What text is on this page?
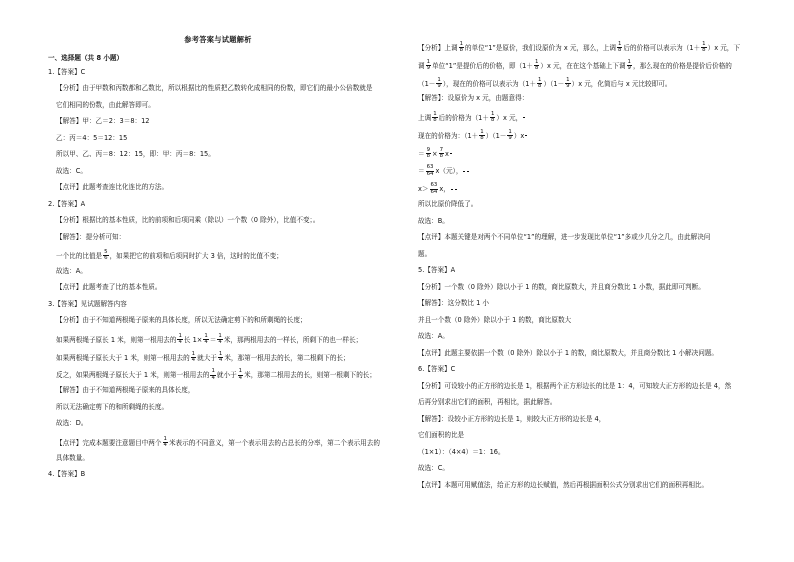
参考答案与试题解析
一、选择题（共 8 小题）
1.【答案】C
【分析】由于甲数和丙数都和乙数比，所以根据比的性质把乙数转化成相同的份数，即它们的最小公倍数就是
它们相同的份数，由此解答即可。
【解答】甲：乙＝2：3＝8：12
乙：丙＝4：5＝12：15
所以甲、乙、丙＝8：12：15，即：甲：丙＝8：15。
故选：C。
【点评】此题考查连比化连比的方法。
2.【答案】A
【分析】根据比的基本性质，比的前项和后项同乘（除以）一个数（0 除外），比值不变；。
【解答】：提分析可知：
一个比的比值是 $\frac{5}{6}$ ，如果把它的前项和后项同时扩大 3 倍，这时的比值不变；
故选：A。
【点评】此题考查了比的基本性质。
3.【答案】见试题解答内容
【分析】由于不知道两根绳子原来的具体长度，所以无法确定剪下的和所剩绳的长度；
如果两根绳子原长 1 米，则第一根用去的 $\frac{1}{4}$ 长 $1\times \frac{1}{4} = \frac{1}{4}$ 米，那两根用去的一样长，所剩下的也一样长；
如果两根绳子原长大于 1 米，则第一根用去的 $\frac{1}{4}$ 就大于 $\frac{1}{4}$ 米，那第一根用去的长，第二根剩下的长；
反之，如果两根绳子原长大于 1 米，则第一根用去的 $\frac{1}{4}$ 就小于 $\frac{1}{4}$ 米，那第二根用去的长，则第一根剩下的长；
【解答】由于不知道两根绳子原来的具体长度，
所以无法确定剪下的和所剩绳的长度。
故选：D。
【点评】完成本题要注意题目中两个 $\frac{1}{4}$ 米表示的不同意义，第一个表示用去的占总长的分率，第二个表示用去的
具体数量。
4.【答案】B
【分析】上调 $\frac{1}{8}$ 的单位“1”是原价，我们设原价为 x 元，那么，上调 $\frac{1}{8}$ 后的价格可以表示为$(1+ \frac{1}{8} )x$ 元，下
调 $\frac{1}{9}$ 单位“1”是提价后的价格，即$(1+ \frac{1}{8} )x$ 元，在在这个基础上下调 $\frac{1}{9}$ ，那么现在的价格是提价后价格的
（$1- \frac{1}{9}$ ），现在的价格可以表示为$(1+ \frac{1}{8} )(1- \frac{1}{9} )x$ 元，化简后与 x 元比较即可。
【解答】：设原价为 x 元，由题意得：
上调 $\frac{1}{8}$ 后的价格为$(1+ \frac{1}{8} )x$ 元，
现在的价格为：$(1+ \frac{1}{8} )(1- \frac{1}{9} )x$
＝ $\frac{9}{8} \times \frac{7}{8}$ x
＝ $\frac{63}{64} x$（元），
$x> \frac{63}{64}$ x，
所以比原价降低了。
故选：B。
【点评】本题关键是对两个不同单位“1”的理解，进一步发现比单位“1”多或少几分之几，由此解决问
题。
5.【答案】A
【分析】一个数（0 除外）除以小于 1 的数，商比原数大，并且商分数比 1 小数，据此即可判断。
【解答】：这分数比 1 小
并且一个数（0 除外）除以小于 1 的数，商比原数大
故选：A。
【点评】此题主要依据一个数（0 除外）除以小于 1 的数，商比原数大，并且商分数比 1 小解决问题。
6.【答案】C
【分析】可设较小的正方形的边长是 1，根据两个正方形边长的比是 1：4，可知较大正方形的边长是 4，然
后再分别求出它们的面积，再相比，据此解答。
【解答】：设较小正方形的边长是 1，则较大正方形的边长是 4，
它们面积的比是
（1×1）：（4×4）＝1：16。
故选：C。
【点评】本题可用赋值法，给正方形的边长赋值，然后再根据面积公式分别求出它们的面积再相比。
